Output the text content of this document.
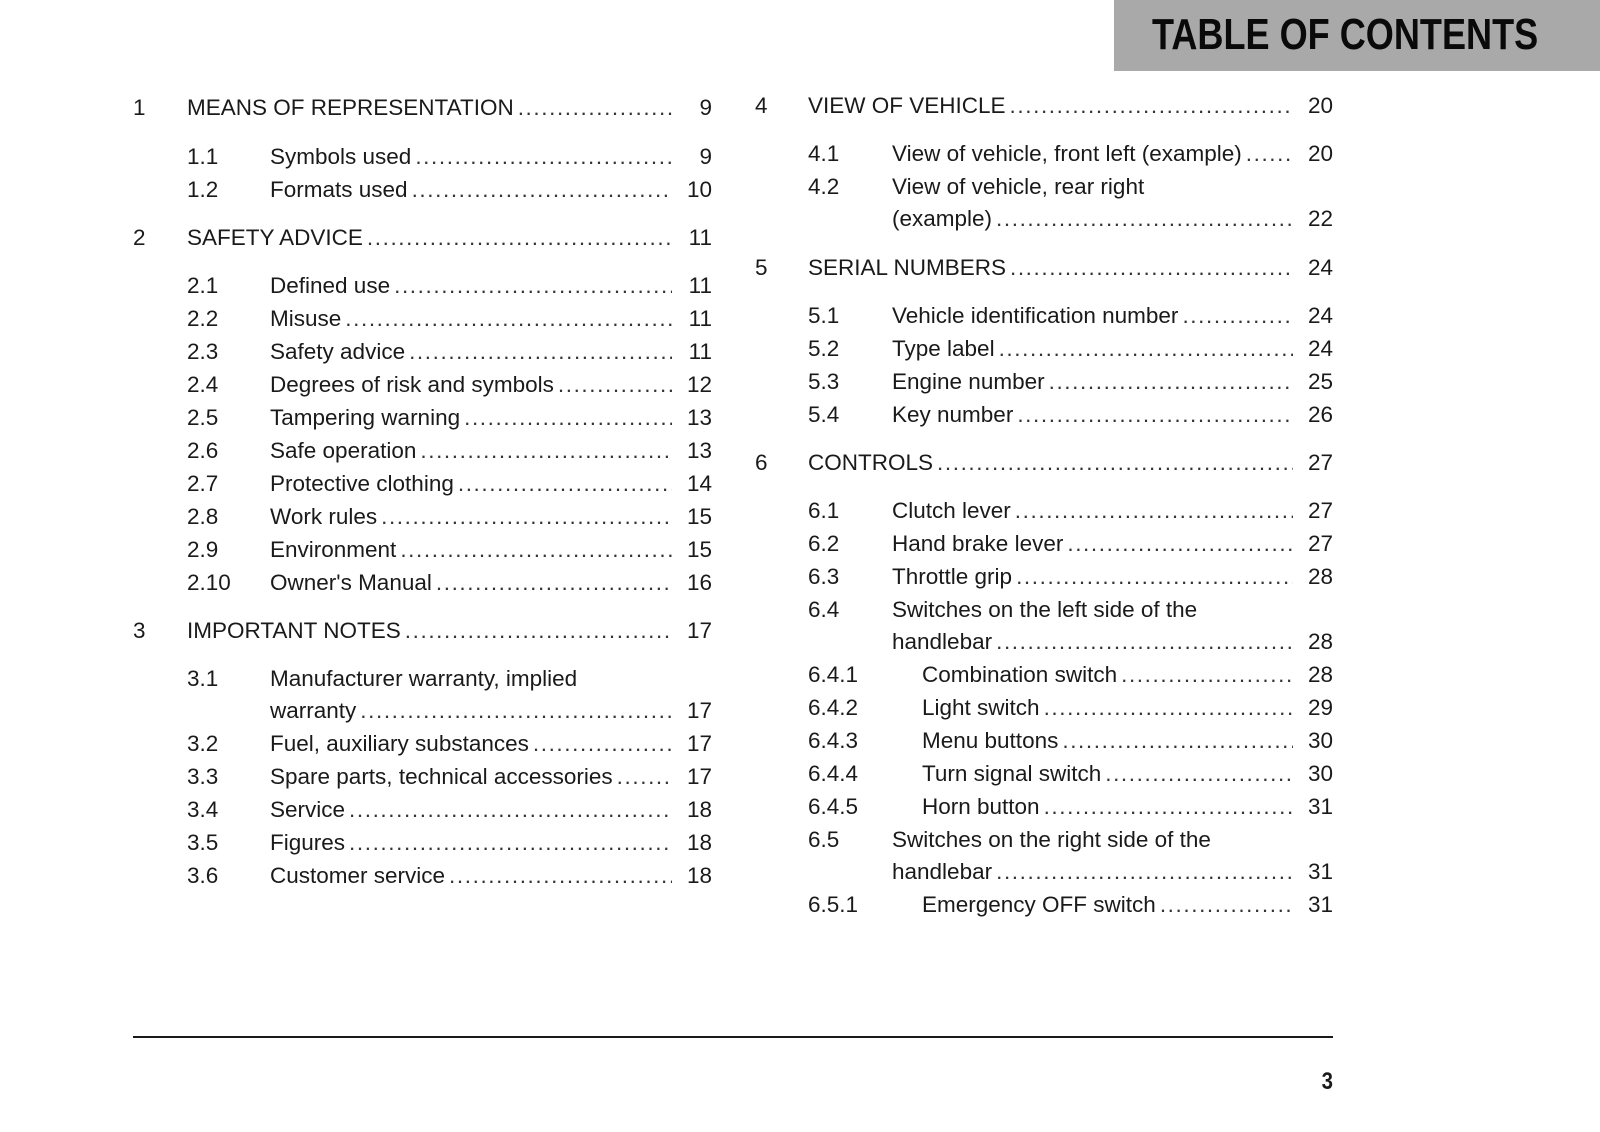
TABLE OF CONTENTS
1 MEANS OF REPRESENTATION .....	9
1.1 Symbols used .....	9
1.2 Formats used .....	10
2 SAFETY ADVICE .....	11
2.1 Defined use .....	11
2.2 Misuse .....	11
2.3 Safety advice .....	11
2.4 Degrees of risk and symbols .....	12
2.5 Tampering warning .....	13
2.6 Safe operation .....	13
2.7 Protective clothing .....	14
2.8 Work rules .....	15
2.9 Environment .....	15
2.10 Owner's Manual .....	16
3 IMPORTANT NOTES .....	17
3.1 Manufacturer warranty, implied
warranty .....	17
3.2 Fuel, auxiliary substances .....	17
3.3 Spare parts, technical accessories .....	17
3.4 Service .....	18
3.5 Figures .....	18
3.6 Customer service .....	18
4 VIEW OF VEHICLE .....	20
4.1 View of vehicle, front left (example) .....	20
4.2 View of vehicle, rear right
(example) .....	22
5 SERIAL NUMBERS .....	24
5.1 Vehicle identification number .....	24
5.2 Type label .....	24
5.3 Engine number .....	25
5.4 Key number .....	26
6 CONTROLS .....	27
6.1 Clutch lever .....	27
6.2 Hand brake lever .....	27
6.3 Throttle grip .....	28
6.4 Switches on the left side of the
handlebar .....	28
6.4.1	Combination switch .....	28
6.4.2	Light switch .....	29
6.4.3	Menu buttons .....	30
6.4.4	Turn signal switch .....	30
6.4.5	Horn button .....	31
6.5 Switches on the right side of the
handlebar .....	31
6.5.1	Emergency OFF switch .....	31
3
